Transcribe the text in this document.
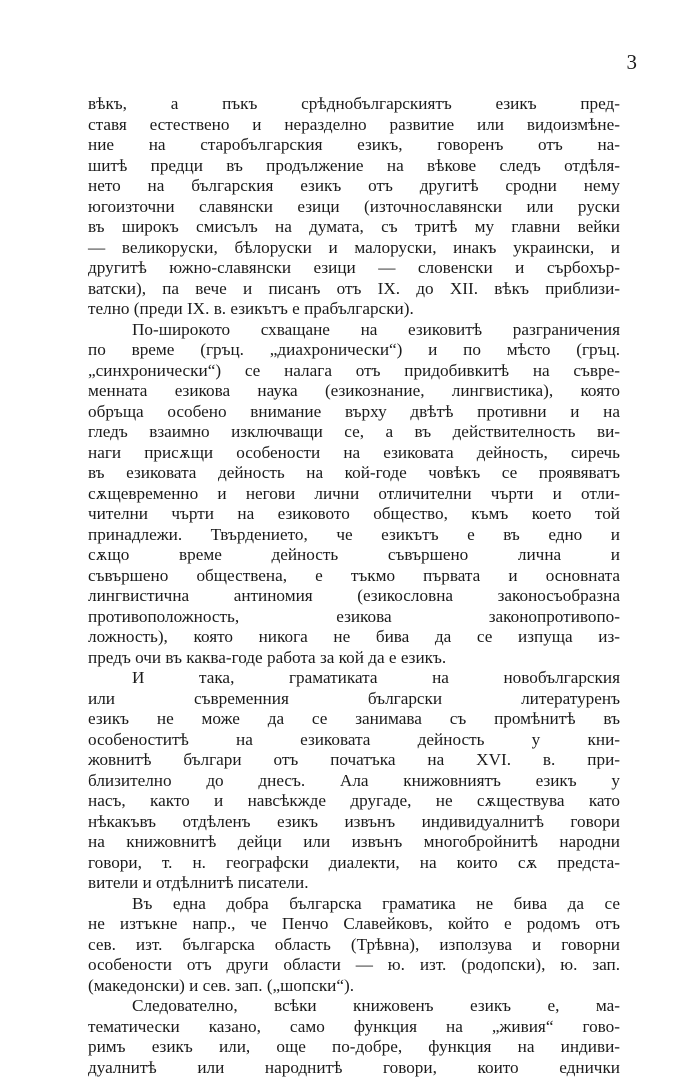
3
вѣкъ, а пъкъ срѣднобългарскиятъ езикъ пред-
ставя естествено и неразделно развитие или видоизмѣне-
ние на старобългарския езикъ, говоренъ отъ на-
шитѣ предци въ продължение на вѣкове следъ отдѣля-
нето на българския езикъ отъ другитѣ сродни нему
югоизточни славянски езици (източнославянски или руски
въ широкъ смисълъ на думата, съ тритѣ му главни вейки
— великоруски, бѣлоруски и малоруски, инакъ украински, и
другитѣ южно-славянски езици — словенски и сърбохър-
ватски), па вече и писанъ отъ IX. до XII. вѣкъ приблизи-
телно (преди IX. в. езикътъ е прабългарски).
По-широкото схващане на езиковитѣ разграничения
по време (гръц. „диахронически“) и по мѣсто (гръц.
„синхронически“) се налага отъ придобивкитѣ на съвре-
менната езикова наука (езикознание, лингвистика), която
обръща особено внимание върху двѣтѣ противни и на
гледъ взаимно изключващи се, а въ действителность ви-
наги присѫщи особености на езиковата дейность, сиречь
въ езиковата дейность на кой-годе човѣкъ се проявяватъ
сѫщевременно и негови лични отличителни чърти и отли-
чителни чърти на езиковото общество, къмъ което той
принадлежи. Твърдението, че езикътъ е въ едно и
сѫщо време дейность съвършено лична и
съвършено обществена, е тъкмо първата и основната
лингвистична антиномия (езикословна законосъобразна
противоположность, езикова законопротивопо-
ложность), която никога не бива да се изпуща из-
предъ очи въ каква-годе работа за кой да е езикъ.
И така, граматиката на новобългарския
или съвременния български литературенъ
езикъ не може да се занимава съ промѣнитѣ въ
особеноститѣ на езиковата дейность у кни-
жовнитѣ българи отъ початъка на XVI. в. при-
близително до днесъ. Ала книжовниятъ езикъ у
насъ, както и навсѣкжде другаде, не сѫществува като
нѣкакъвъ отдѣленъ езикъ извънъ индивидуалнитѣ говори
на книжовнитѣ дейци или извънъ многобройнитѣ народни
говори, т. н. географски диалекти, на които сѫ предста-
вители и отдѣлнитѣ писатели.
Въ една добра българска граматика не бива да се
не изтъкне напр., че Пенчо Славейковъ, който е родомъ отъ
сев. изт. българска область (Трѣвна), използува и говорни
особености отъ други области — ю. изт. (родопски), ю. зап.
(македонски) и сев. зап. („шопски“).
Следователно, всѣки книжовенъ езикъ е, ма-
тематически казано, само функция на „живия“ гово-
римъ езикъ или, още по-добре, функция на индиви-
дуалнитѣ или народнитѣ говори, които еднички
